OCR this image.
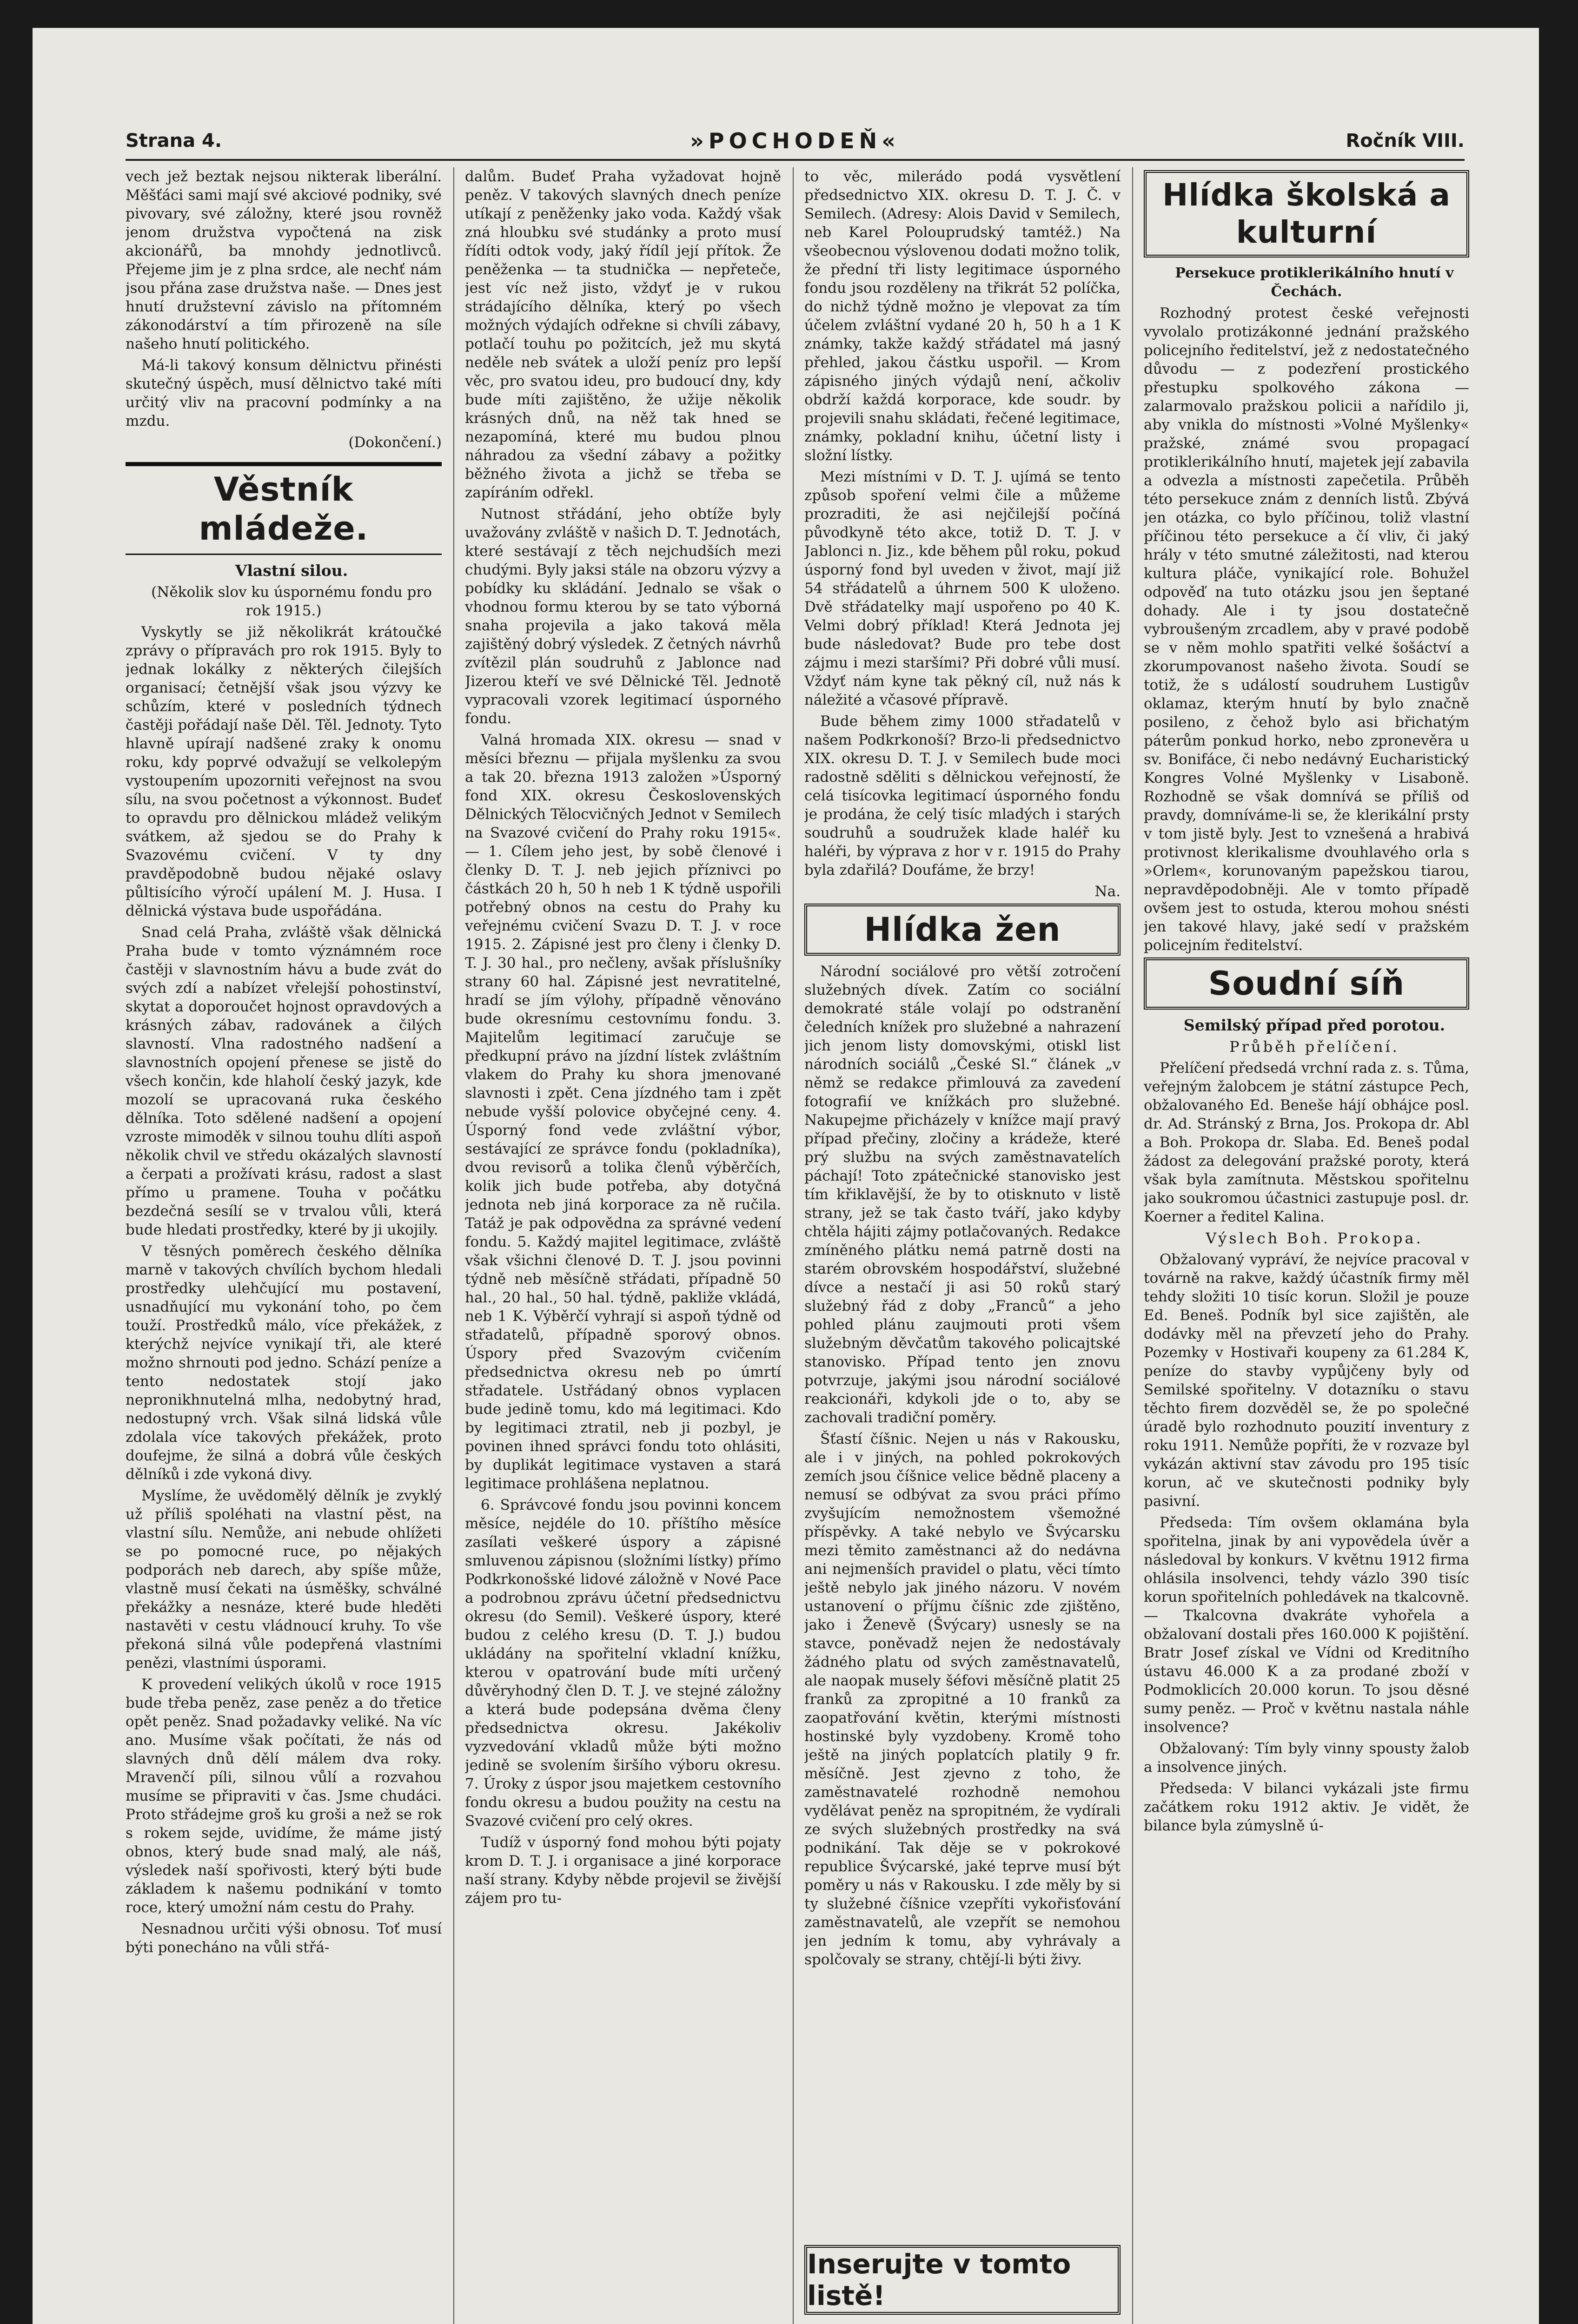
Strana 4.	»POCHODEŇ«	Ročník VIII.

vech jež beztak nejsou nikterak liberální. Měšťáci sami mají své akciové podniky, své pivovary, své záložny, které jsou rovněž jenom družstva vypočtená na zisk akcionářů, ba mnohdy jednotlivců. Přejeme jim je z plna srdce, ale nechť nám jsou přána zase družstva naše. — Dnes jest hnutí družstevní závislo na přítomném zákonodárství a tím přirozeně na síle našeho hnutí politického.

Má-li takový konsum dělnictvu přinésti skutečný úspěch, musí dělnictvo také míti určitý vliv na pracovní podmínky a na mzdu.

(Dokončení.)

Věstník mládeže.

Vlastní silou.

(Několik slov ku úspornému fondu pro rok 1915.)

Vyskytly se již několikrát krátoučké zprávy o přípravách pro rok 1915. Byly to jednak lokálky z některých čilejších organisací; četnější však jsou výzvy ke schůzím, které v posledních týdnech častěji pořádají naše Děl. Těl. Jednoty. Tyto hlavně upírají nadšené zraky k onomu roku, kdy poprvé odvažují se velkolepým vystoupením upozorniti veřejnost na svou sílu, na svou početnost a výkonnost. Budeť to opravdu pro dělnickou mládež velikým svátkem, až sjedou se do Prahy k Svazovému cvičení. V ty dny pravděpodobně budou nějaké oslavy půltisícího výročí upálení M. J. Husa. I dělnická výstava bude uspořádána.

Snad celá Praha, zvláště však dělnická Praha bude v tomto význámném roce častěji v slavnostním hávu a bude zvát do svých zdí a nabízet vřelejší pohostinství, skytat a doporoučet hojnost opravdových a krásných zábav, radovánek a čilých slavností. Vlna radostného nadšení a slavnostních opojení přenese se jistě do všech končin, kde hlaholí český jazyk, kde mozolí se upracovaná ruka českého dělníka. Toto sdělené nadšení a opojení vzroste mimoděk v silnou touhu dlíti aspoň několik chvil ve středu okázalých slavností a čerpati a prožívati krásu, radost a slast přímo u pramene. Touha v počátku bezdečná sesílí se v trvalou vůli, která bude hledati prostředky, které by ji ukojily.

V těsných poměrech českého dělníka marně v takových chvílích bychom hledali prostředky ulehčující mu postavení, usnadňující mu vykonání toho, po čem touží. Prostředků málo, více překážek, z kterýchž nejvíce vynikají tři, ale které možno shrnouti pod jedno. Schází peníze a tento nedostatek stojí jako nepronikhnutelná mlha, nedobytný hrad, nedostupný vrch. Však silná lidská vůle zdolala více takových překážek, proto doufejme, že silná a dobrá vůle českých dělníků i zde vykoná divy.

Myslíme, že uvědomělý dělník je zvyklý už příliš spoléhati na vlastní pěst, na vlastní sílu. Nemůže, ani nebude ohlížeti se po pomocné ruce, po nějakých podporách neb darech, aby spíše může, vlastně musí čekati na úsměšky, schválné překážky a nesnáze, které bude hleděti nastavěti v cestu vládnoucí kruhy. To vše překoná silná vůle podepřená vlastními penězi, vlastními úsporami.

K provedení velikých úkolů v roce 1915 bude třeba peněz, zase peněz a do třetice opět peněz. Snad požadavky veliké. Na víc ano. Musíme však počítati, že nás od slavných dnů dělí málem dva roky. Mravenčí píli, silnou vůlí a rozvahou musíme se připraviti v čas. Jsme chudáci. Proto střádejme groš ku groši a než se rok s rokem sejde, uvidíme, že máme jistý obnos, který bude snad malý, ale náš, výsledek naší spořivosti, který býti bude základem k našemu podnikání v tomto roce, který umožní nám cestu do Prahy.

Nesnadnou určiti výši obnosu. Toť musí býti ponecháno na vůli střá-

dalům. Budeť Praha vyžadovat hojně peněz. V takových slavných dnech peníze utíkají z peněženky jako voda. Každý však zná hloubku své studánky a proto musí řídíti odtok vody, jaký řídíl její přítok. Že peněženka — ta studnička — nepřeteče, jest víc než jisto, vždyť je v rukou strádajícího dělníka, který po všech možných výdajích odřekne si chvíli zábavy, potlačí touhu po požitcích, jež mu skytá neděle neb svátek a uloží peníz pro lepší věc, pro svatou ideu, pro budoucí dny, kdy bude míti zajištěno, že užije několik krásných dnů, na něž tak hned se nezapomíná, které mu budou plnou náhradou za všední zábavy a požitky běžného života a jichž se třeba se zapíráním odřekl.

Nutnost střádání, jeho obtíže byly uvažovány zvláště v našich D. T. Jednotách, které sestávají z těch nejchudších mezi chudými. Byly jaksi stále na obzoru výzvy a pobídky ku skládání. Jednalo se však o vhodnou formu kterou by se tato výborná snaha projevila a jako taková měla zajištěný dobrý výsledek. Z četných návrhů zvítězil plán soudruhů z Jablonce nad Jizerou kteří ve své Dělnické Těl. Jednotě vypracovali vzorek legitimací úsporného fondu.

Valná hromada XIX. okresu — snad v měsíci březnu — přijala myšlenku za svou a tak 20. března 1913 založen »Úsporný fond XIX. okresu Československých Dělnických Tělocvičných Jednot v Semilech na Svazové cvičení do Prahy roku 1915«. — 1. Cílem jeho jest, by sobě členové i členky D. T. J. neb jejich příznivci po částkách 20 h, 50 h neb 1 K týdně uspořili potřebný obnos na cestu do Prahy ku veřejnému cvičení Svazu D. T. J. v roce 1915. 2. Zápisné jest pro členy i členky D. T. J. 30 hal., pro nečleny, avšak příslušníky strany 60 hal. Zápisné jest nevratitelné, hradí se jím výlohy, případně věnováno bude okresnímu cestovnímu fondu. 3. Majitelům legitimací zaručuje se předkupní právo na jízdní lístek zvláštním vlakem do Prahy ku shora jmenované slavnosti i zpět. Cena jízdného tam i zpět nebude vyšší polovice obyčejné ceny. 4. Úsporný fond vede zvláštní výbor, sestávající ze správce fondu (pokladníka), dvou revisorů a tolika členů výběrčích, kolik jich bude potřeba, aby dotyčná jednota neb jiná korporace za ně ručila. Tatáž je pak odpovědna za správné vedení fondu. 5. Každý majitel legitimace, zvláště však všichni členové D. T. J. jsou povinni týdně neb měsíčně střádati, případně 50 hal., 20 hal., 50 hal. týdně, pakliže vkládá, neb 1 K. Výběrčí vyhrají si aspoň týdně od střadatelů, případně sporový obnos. Úspory před Svazovým cvičením předsednictva okresu neb po úmrtí střadatele. Ustřádaný obnos vyplacen bude jedině tomu, kdo má legitimaci. Kdo by legitimaci ztratil, neb ji pozbyl, je povinen ihned správci fondu toto ohlásiti, by duplikát legitimace vystaven a stará legitimace prohlášena neplatnou.

6. Správcové fondu jsou povinni koncem měsíce, nejdéle do 10. příštího měsíce zasílati veškeré úspory a zápisné smluvenou zápisnou (složními lístky) přímo Podkrkonošské lidové záložně v Nové Pace a podrobnou zprávu účetní předsednictvu okresu (do Semil). Veškeré úspory, které budou z celého kresu (D. T. J.) budou ukládány na spořitelní vkladní knížku, kterou v opatrování bude míti určený důvěryhodný člen D. T. J. ve stejné záložny a která bude podepsána dvěma členy předsednictva okresu. Jakékoliv vyzvedování vkladů může býti možno jedině se svolením širšího výboru okresu. 7. Úroky z úspor jsou majetkem cestovního fondu okresu a budou použity na cestu na Svazové cvičení pro celý okres.

Tudíž v úsporný fond mohou býti pojaty krom D. T. J. i organisace a jiné korporace naší strany. Kdyby něbde projevil se živější zájem pro tu-

to věc, milerádo podá vysvětlení předsednictvo XIX. okresu D. T. J. Č. v Semilech. (Adresy: Alois David v Semilech, neb Karel Polouprudský tamtéž.) Na všeobecnou výslovenou dodati možno tolik, že přední tři listy legitimace úsporného fondu jsou rozděleny na třikrát 52 políčka, do nichž týdně možno je vlepovat za tím účelem zvláštní vydané 20 h, 50 h a 1 K známky, takže každý střádatel má jasný přehled, jakou částku uspořil. — Krom zápisného jiných výdajů není, ačkoliv obdrží každá korporace, kde soudr. by projevili snahu skládati, řečené legitimace, známky, pokladní knihu, účetní listy i složní lístky.

Mezi místními v D. T. J. ujímá se tento způsob spoření velmi čile a můžeme prozraditi, že asi nejčilejší počíná původkyně této akce, totiž D. T. J. v Jablonci n. Jiz., kde během půl roku, pokud úsporný fond byl uveden v život, mají již 54 střádatelů a úhrnem 500 K uloženo. Dvě střádatelky mají uspořeno po 40 K. Velmi dobrý příklad! Která Jednota jej bude následovat? Bude pro tebe dost zájmu i mezi staršími? Při dobré vůli musí. Vždyť nám kyne tak pěkný cíl, nuž nás k náležité a včasové přípravě.

Bude během zimy 1000 střadatelů v našem Podkrkonoší? Brzo-li předsednictvo XIX. okresu D. T. J. v Semilech bude moci radostně sděliti s dělnickou veřejností, že celá tisícovka legitimací úsporného fondu je prodána, že celý tisíc mladých i starých soudruhů a soudružek klade haléř ku haléři, by výprava z hor v r. 1915 do Prahy byla zdařilá? Doufáme, že brzy!

Na.

Hlídka žen

Národní sociálové pro větší zotročení služebných dívek. Zatím co sociální demokraté stále volají po odstranění čeledních knížek pro služebné a nahrazení jich jenom listy domovskými, otiskl list národních sociálů „České Sl.“ článek „v němž se redakce přimlouvá za zavedení fotografií ve knížkách pro služebné. Nakupejme přicházely v knížce mají pravý případ přečiny, zločiny a krádeže, které prý službu na svých zaměstnavatelích páchají! Toto zpátečnické stanovisko jest tím křiklavější, že by to otisknuto v listě strany, jež se tak často tváří, jako kdyby chtěla hájiti zájmy potlačovaných. Redakce zmíněného plátku nemá patrně dosti na starém obrovském hospodářství, služebné dívce a nestačí ji asi 50 roků starý služebný řád z doby „Franců“ a jeho pohled plánu zaujmouti proti všem služebným děvčatům takového policajtské stanovisko. Případ tento jen znovu potvrzuje, jakými jsou národní sociálové reakcionáři, kdykoli jde o to, aby se zachovali tradiční poměry.

Šťastí číšnic. Nejen u nás v Rakousku, ale i v jiných, na pohled pokrokových zemích jsou číšnice velice bědně placeny a nemusí se odbývat za svou práci přímo zvyšujícím nemožnostem všemožné příspěvky. A také nebylo ve Švýcarsku mezi těmito zaměstnanci až do nedávna ani nejmenších pravidel o platu, věci tímto ještě nebylo jak jiného názoru. V novém ustanovení o příjmu číšnic zde zjištěno, jako i Ženevě (Švýcary) usnesly se na stavce, poněvadž nejen že nedostávaly žádného platu od svých zaměstnavatelů, ale naopak musely šéfovi měsíčně platit 25 franků za zpropitné a 10 franků za zaopatřování květin, kterými místnosti hostinské byly vyzdobeny. Kromě toho ještě na jiných poplatcích platily 9 fr. měsíčně. Jest zjevno z toho, že zaměstnavatelé rozhodně nemohou vydělávat peněz na spropitném, že vydírali ze svých služebných prostředky na svá podnikání. Tak děje se v pokrokové republice Švýcarské, jaké teprve musí být poměry u nás v Rakousku. I zde měly by si ty služebné číšnice vzepříti vykořisťování zaměstnavatelů, ale vzepřít se nemohou jen jedním k tomu, aby vyhrávaly a spolčovaly se strany, chtějí-li býti živy.

Inserujte v tomto listě!
Hlídka školská a kulturní

Persekuce protiklerikálního hnutí v Čechách.

Rozhodný protest české veřejnosti vyvolalo protizákonné jednání pražského policejního ředitelství, jež z nedostatečného důvodu — z podezření prostického přestupku spolkového zákona — zalarmovalo pražskou policii a nařídilo ji, aby vnikla do místnosti »Volné Myšlenky« pražské, známé svou propagací protiklerikálního hnutí, majetek její zabavila a odvezla a místnosti zapečetila. Průběh této persekuce znám z denních listů. Zbývá jen otázka, co bylo příčinou, toliž vlastní příčinou této persekuce a čí vliv, či jaký hrály v této smutné záležitosti, nad kterou kultura pláče, vynikající role. Bohužel odpověď na tuto otázku jsou jen šeptané dohady. Ale i ty jsou dostatečně vybroušeným zrcadlem, aby v pravé podobě se v něm mohlo spatřiti velké šošáctví a zkorumpovanost našeho života. Soudí se totiž, že s událostí soudruhem Lustigův oklamaz, kterým hnutí by bylo značně posileno, z čehož bylo asi břichatým páterům ponkud horko, nebo zpronevěra u sv. Bonifáce, či nebo nedávný Eucharistický Kongres Volné Myšlenky v Lisaboně. Rozhodně se však domnívá se příliš od pravdy, domníváme-li se, že klerikální prsty v tom jistě byly. Jest to vznešená a hrabivá protivnost klerikalisme dvouhlavého orla s »Orlem«, korunovaným papežskou tiarou, nepravděpodobněji. Ale v tomto případě ovšem jest to ostuda, kterou mohou snésti jen takové hlavy, jaké sedí v pražském policejním ředitelství.

Soudní síň

Semilský případ před porotou.

Průběh přelíčení.

Přelíčení předsedá vrchní rada z. s. Tůma, veřejným žalobcem je státní zástupce Pech, obžalovaného Ed. Beneše hájí obhájce posl. dr. Ad. Stránský z Brna, Jos. Prokopa dr. Abl a Boh. Prokopa dr. Slaba. Ed. Beneš podal žádost za delegování pražské poroty, která však byla zamítnuta. Městskou spořitelnu jako soukromou účastnici zastupuje posl. dr. Koerner a ředitel Kalina.

Výslech Boh. Prokopa.

Obžalovaný vypráví, že nejvíce pracoval v továrně na rakve, každý účastník firmy měl tehdy složiti 10 tisíc korun. Složil je pouze Ed. Beneš. Podník byl sice zajištěn, ale dodávky měl na převzetí jeho do Prahy. Pozemky v Hostivaři koupeny za 61.284 K, peníze do stavby vypůjčeny byly od Semilské spořitelny. V dotazníku o stavu těchto firem dozvěděl se, že po společné úradě bylo rozhodnuto pouzití inventury z roku 1911. Nemůže popříti, že v rozvaze byl vykázán aktivní stav závodu pro 195 tisíc korun, ač ve skutečnosti podniky byly pasivní.

Předseda: Tím ovšem oklamána byla spořitelna, jinak by ani vypovědela úvěr a následoval by konkurs. V květnu 1912 firma ohlásila insolvenci, tehdy vázlo 390 tisíc korun spořitelních pohledávek na tkalcovně. — Tkalcovna dvakráte vyhořela a obžalovaní dostali přes 160.000 K pojištění. Bratr Josef získal ve Vídni od Kreditního ústavu 46.000 K a za prodané zboží v Podmoklicích 20.000 korun. To jsou děsné sumy peněz. — Proč v květnu nastala náhle insolvence?

Obžalovaný: Tím byly vinny spousty žalob a insolvence jiných.

Předseda: V bilanci vykázali jste firmu začátkem roku 1912 aktiv. Je vidět, že bilance byla zúmyslně ú-
